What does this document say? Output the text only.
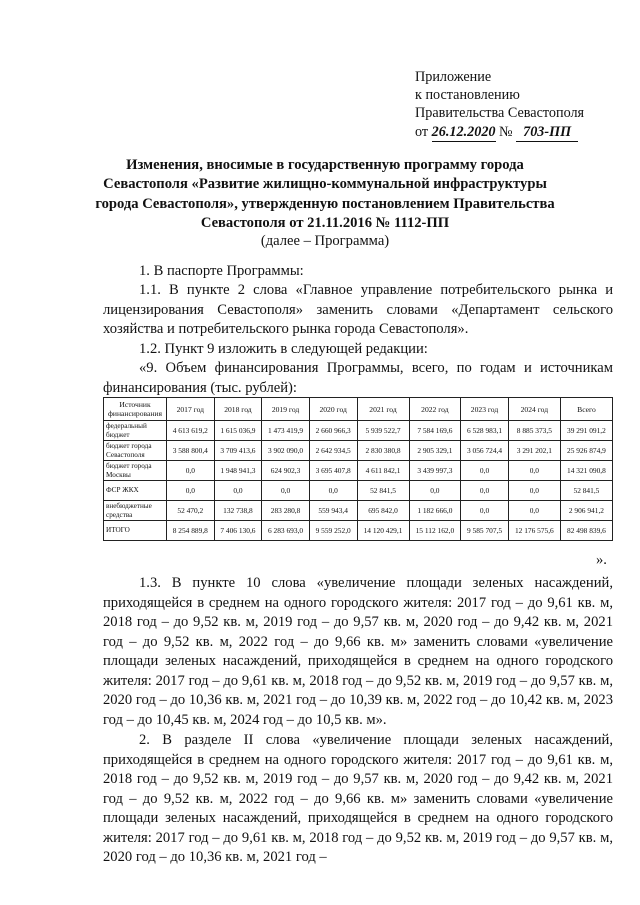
Приложение
к постановлению
Правительства Севастополя
от 26.12.2020 № 703-ПП
Изменения, вносимые в государственную программу города Севастополя «Развитие жилищно-коммунальной инфраструктуры города Севастополя», утвержденную постановлением Правительства Севастополя от 21.11.2016 № 1112-ПП
(далее – Программа)
1. В паспорте Программы:
1.1. В пункте 2 слова «Главное управление потребительского рынка и лицензирования Севастополя» заменить словами «Департамент сельского хозяйства и потребительского рынка города Севастополя».
1.2. Пункт 9 изложить в следующей редакции:
«9. Объем финансирования Программы, всего, по годам и источникам финансирования (тыс. рублей):
Источник финансирования	2017 год	2018 год	2019 год	2020 год	2021 год	2022 год	2023 год	2024 год	Всего
федеральный бюджет	4 613 619,2	1 615 036,9	1 473 419,9	2 660 966,3	5 939 522,7	7 584 169,6	6 528 983,1	8 885 373,5	39 291 091,2
бюджет города Севастополя	3 588 800,4	3 709 413,6	3 902 090,0	2 642 934,5	2 830 380,8	2 905 329,1	3 056 724,4	3 291 202,1	25 926 874,9
бюджет города Москвы	0,0	1 948 941,3	624 902,3	3 695 407,8	4 611 842,1	3 439 997,3	0,0	0,0	14 321 090,8
ФСР ЖКХ	0,0	0,0	0,0	0,0	52 841,5	0,0	0,0	0,0	52 841,5
внебюджетные средства	52 470,2	132 738,8	283 280,8	559 943,4	695 842,0	1 182 666,0	0,0	0,0	2 906 941,2
ИТОГО	8 254 889,8	7 406 130,6	6 283 693,0	9 559 252,0	14 120 429,1	15 112 162,0	9 585 707,5	12 176 575,6	82 498 839,6
».
1.3. В пункте 10 слова «увеличение площади зеленых насаждений, приходящейся в среднем на одного городского жителя: 2017 год – до 9,61 кв. м, 2018 год – до 9,52 кв. м, 2019 год – до 9,57 кв. м, 2020 год – до 9,42 кв. м, 2021 год – до 9,52 кв. м, 2022 год – до 9,66 кв. м» заменить словами «увеличение площади зеленых насаждений, приходящейся в среднем на одного городского жителя: 2017 год – до 9,61 кв. м, 2018 год – до 9,52 кв. м, 2019 год – до 9,57 кв. м, 2020 год – до 10,36 кв. м, 2021 год – до 10,39 кв. м, 2022 год – до 10,42 кв. м, 2023 год – до 10,45 кв. м, 2024 год – до 10,5 кв. м».
2. В разделе II слова «увеличение площади зеленых насаждений, приходящейся в среднем на одного городского жителя: 2017 год – до 9,61 кв. м, 2018 год – до 9,52 кв. м, 2019 год – до 9,57 кв. м, 2020 год – до 9,42 кв. м, 2021 год – до 9,52 кв. м, 2022 год – до 9,66 кв. м» заменить словами «увеличение площади зеленых насаждений, приходящейся в среднем на одного городского жителя: 2017 год – до 9,61 кв. м, 2018 год – до 9,52 кв. м, 2019 год – до 9,57 кв. м, 2020 год – до 10,36 кв. м, 2021 год –
